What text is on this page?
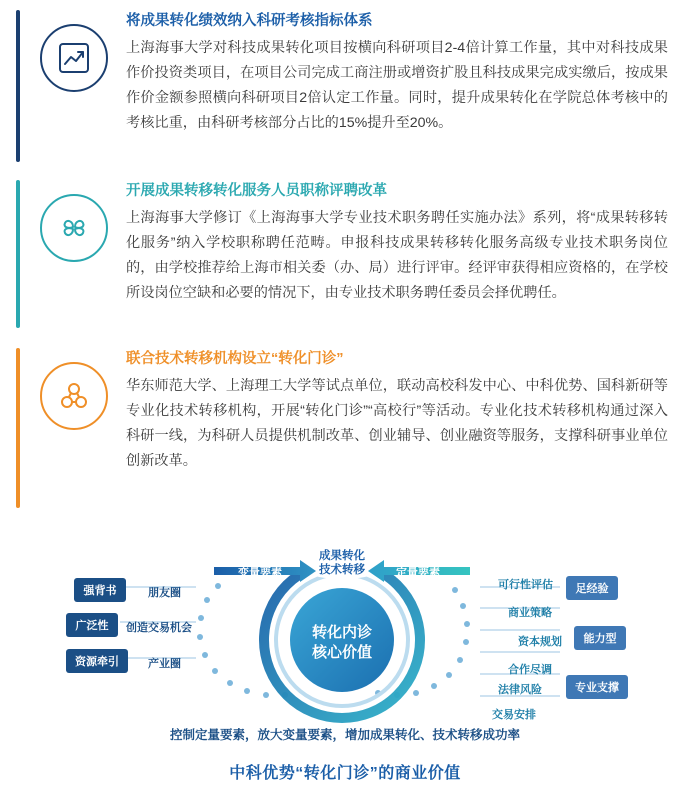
将成果转化绩效纳入科研考核指标体系
上海海事大学对科技成果转化项目按横向科研项目2-4倍计算工作量，其中对科技成果作价投资类项目，在项目公司完成工商注册或增资扩股且科技成果完成实缴后，按成果作价金额参照横向科研项目2倍认定工作量。同时，提升成果转化在学院总体考核中的考核比重，由科研考核部分占比的15%提升至20%。
开展成果转移转化服务人员职称评聘改革
上海海事大学修订《上海海事大学专业技术职务聘任实施办法》系列，将“成果转移转化服务”纳入学校职称聘任范畴。申报科技成果转移转化服务高级专业技术职务岗位的，由学校推荐给上海市相关委（办、局）进行评审。经评审获得相应资格的，在学校所设岗位空缺和必要的情况下，由专业技术职务聘任委员会择优聘任。
联合技术转移机构设立“转化门诊”
华东师范大学、上海理工大学等试点单位，联动高校科发中心、中科优势、国科新研等专业化技术转移机构，开展“转化门诊”“高校行”等活动。专业化技术转移机构通过深入科研一线，为科研人员提供机制改革、创业辅导、创业融资等服务，支撑科研事业单位创新改革。
成果转化
技术转移
转化内诊
核心价值
变量要素	定量要素
强背书
广泛性
资源牵引
朋友圈
创造交易机会
产业圈
可行性评估
商业策略
资本规划
合作尽调
法律风险
交易安排
足经验
能力型
专业支撑
控制定量要素，放大变量要素，增加成果转化、技术转移成功率
中科优势“转化门诊”的商业价值
